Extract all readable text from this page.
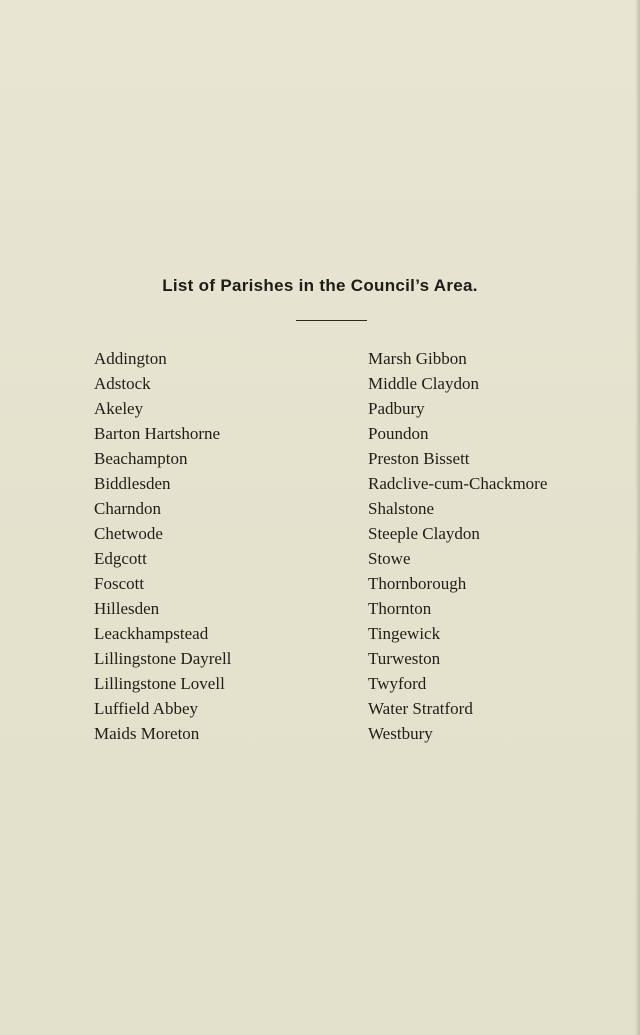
List of Parishes in the Council’s Area.
Addington
Adstock
Akeley
Barton Hartshorne
Beachampton
Biddlesden
Charndon
Chetwode
Edgcott
Foscott
Hillesden
Leackhampstead
Lillingstone Dayrell
Lillingstone Lovell
Luffield Abbey
Maids Moreton
Marsh Gibbon
Middle Claydon
Padbury
Poundon
Preston Bissett
Radclive-cum-Chackmore
Shalstone
Steeple Claydon
Stowe
Thornborough
Thornton
Tingewick
Turweston
Twyford
Water Stratford
Westbury
